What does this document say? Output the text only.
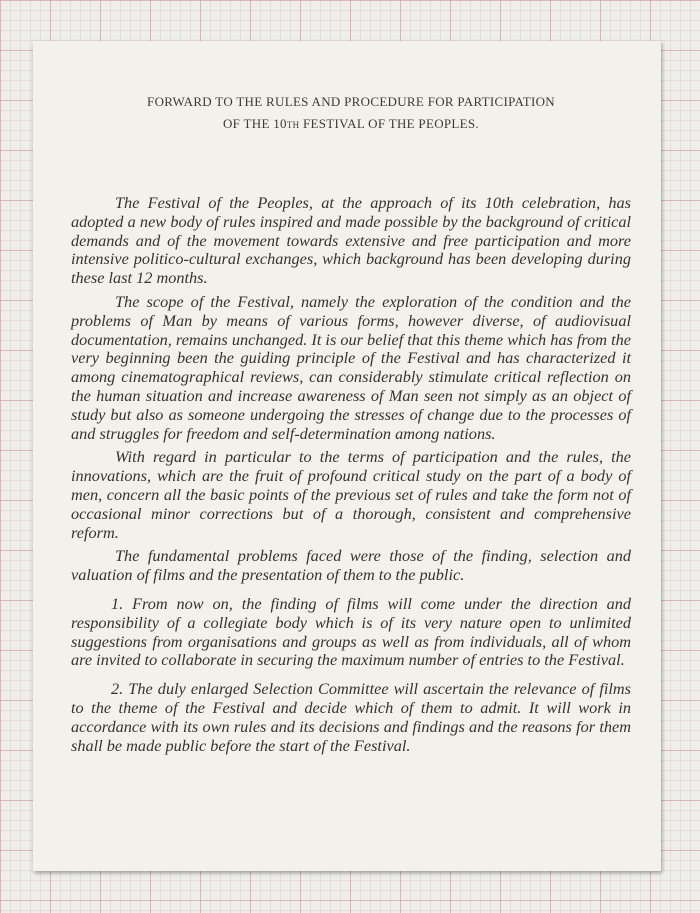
FORWARD TO THE RULES AND PROCEDURE FOR PARTICIPATION
OF THE 10TH FESTIVAL OF THE PEOPLES.

The Festival of the Peoples, at the approach of its 10th celebration, has adopted a new body of rules inspired and made possible by the background of critical demands and of the movement towards extensive and free participation and more intensive politico-cultural exchanges, which background has been developing during these last 12 months.

The scope of the Festival, namely the exploration of the condition and the problems of Man by means of various forms, however diverse, of audiovisual documentation, remains unchanged. It is our belief that this theme which has from the very beginning been the guiding principle of the Festival and has characterized it among cinematographical reviews, can considerably stimulate critical reflection on the human situation and increase awareness of Man seen not simply as an object of study but also as someone undergoing the stresses of change due to the processes of and struggles for freedom and self-determination among nations.

With regard in particular to the terms of participation and the rules, the innovations, which are the fruit of profound critical study on the part of a body of men, concern all the basic points of the previous set of rules and take the form not of occasional minor corrections but of a thorough, consistent and comprehensive reform.

The fundamental problems faced were those of the finding, selection and valuation of films and the presentation of them to the public.

1. From now on, the finding of films will come under the direction and responsibility of a collegiate body which is of its very nature open to unlimited suggestions from organisations and groups as well as from individuals, all of whom are invited to collaborate in securing the maximum number of entries to the Festival.

2. The duly enlarged Selection Committee will ascertain the relevance of films to the theme of the Festival and decide which of them to admit. It will work in accordance with its own rules and its decisions and findings and the reasons for them shall be made public before the start of the Festival.
